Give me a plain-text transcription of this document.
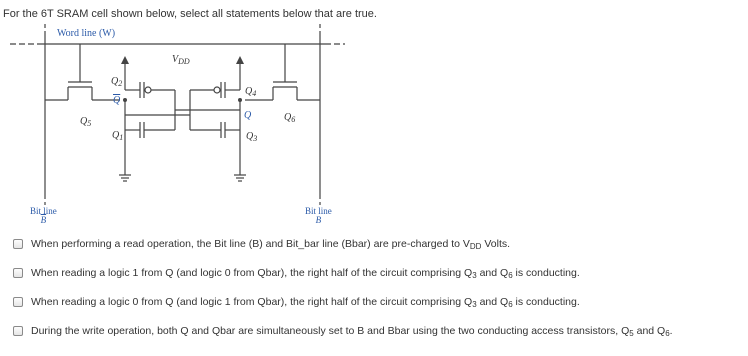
For the 6T SRAM cell shown below, select all statements below that are true.
Word line (W)
$V_{DD}$
$Q_2$
$\overline{Q}$
$Q_4$
Q	$Q_6$
$Q_5$
$Q_1$	$Q_3$
Bit line
$\overline{B}$
Bit line
B
When performing a read operation, the Bit line (B) and Bit_bar line (Bbar) are pre-charged to $V_{DD}$ Volts.
When reading a logic 1 from Q (and logic 0 from Qbar), the right half of the circuit comprising $Q_3$ and $Q_6$ is conducting.
When reading a logic 0 from Q (and logic 1 from Qbar), the right half of the circuit comprising $Q_3$ and $Q_6$ is conducting.
During the write operation, both Q and Qbar are simultaneously set to B and Bbar using the two conducting access transistors, $Q_5$ and $Q_6$.
